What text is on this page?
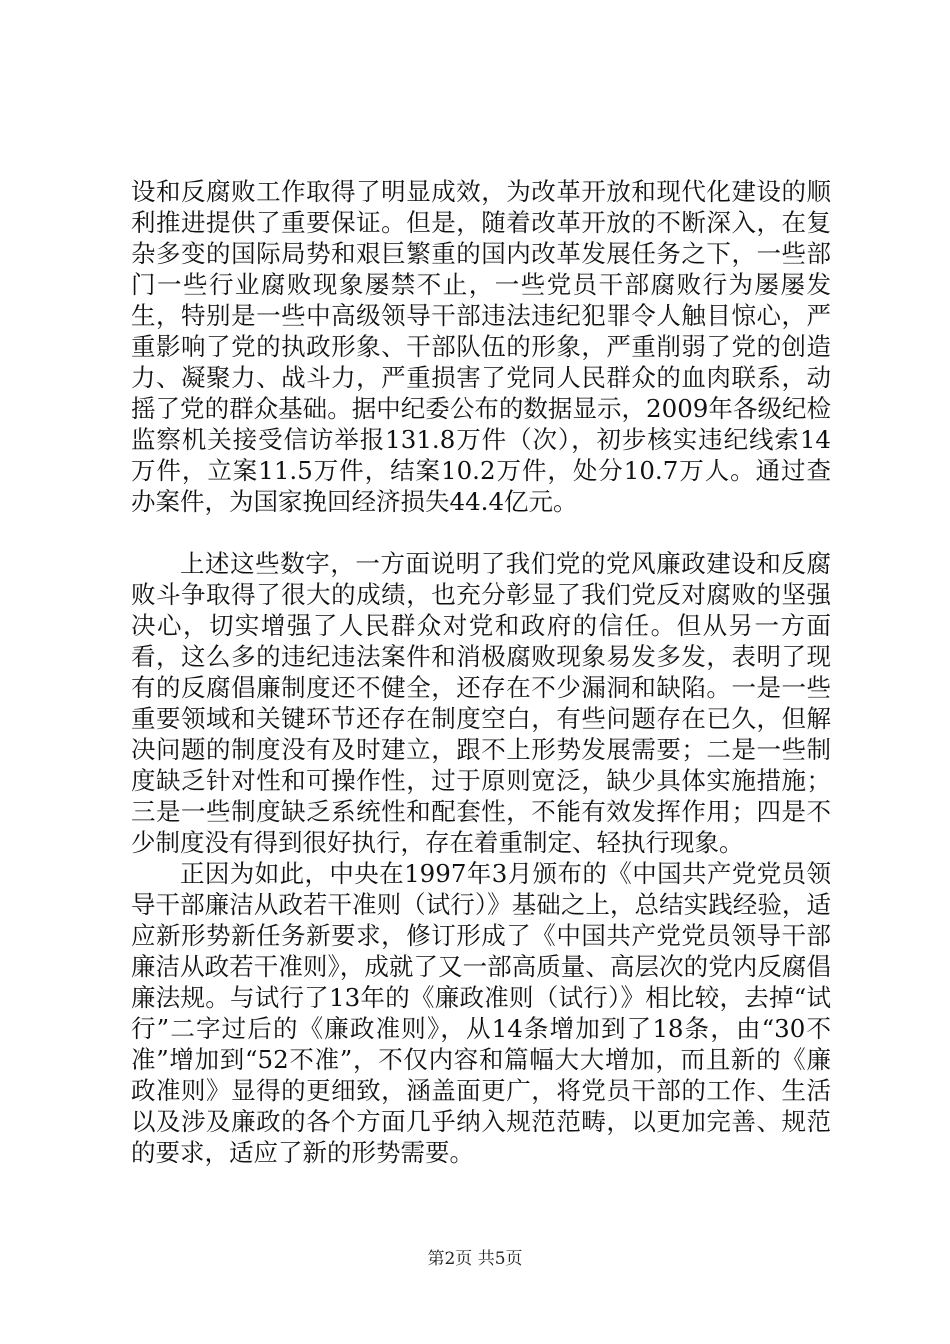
设和反腐败工作取得了明显成效，为改革开放和现代化建设的顺利推进提供了重要保证。但是，随着改革开放的不断深入，在复杂多变的国际局势和艰巨繁重的国内改革发展任务之下，一些部门一些行业腐败现象屡禁不止，一些党员干部腐败行为屡屡发生，特别是一些中高级领导干部违法违纪犯罪令人触目惊心，严重影响了党的执政形象、干部队伍的形象，严重削弱了党的创造力、凝聚力、战斗力，严重损害了党同人民群众的血肉联系，动摇了党的群众基础。据中纪委公布的数据显示，2009年各级纪检监察机关接受信访举报131.8万件（次），初步核实违纪线索14万件，立案11.5万件，结案10.2万件，处分10.7万人。通过查办案件，为国家挽回经济损失44.4亿元。

上述这些数字，一方面说明了我们党的党风廉政建设和反腐败斗争取得了很大的成绩，也充分彰显了我们党反对腐败的坚强决心，切实增强了人民群众对党和政府的信任。但从另一方面看，这么多的违纪违法案件和消极腐败现象易发多发，表明了现有的反腐倡廉制度还不健全，还存在不少漏洞和缺陷。一是一些重要领域和关键环节还存在制度空白，有些问题存在已久，但解决问题的制度没有及时建立，跟不上形势发展需要；二是一些制度缺乏针对性和可操作性，过于原则宽泛，缺少具体实施措施；三是一些制度缺乏系统性和配套性，不能有效发挥作用；四是不少制度没有得到很好执行，存在着重制定、轻执行现象。

正因为如此，中央在1997年3月颁布的《中国共产党党员领导干部廉洁从政若干准则（试行）》基础之上，总结实践经验，适应新形势新任务新要求，修订形成了《中国共产党党员领导干部廉洁从政若干准则》，成就了又一部高质量、高层次的党内反腐倡廉法规。与试行了13年的《廉政准则（试行）》相比较，去掉“试行”二字过后的《廉政准则》，从14条增加到了18条，由“30不准”增加到“52不准”，不仅内容和篇幅大大增加，而且新的《廉政准则》显得的更细致，涵盖面更广，将党员干部的工作、生活以及涉及廉政的各个方面几乎纳入规范范畴，以更加完善、规范的要求，适应了新的形势需要。

第2页 共5页
